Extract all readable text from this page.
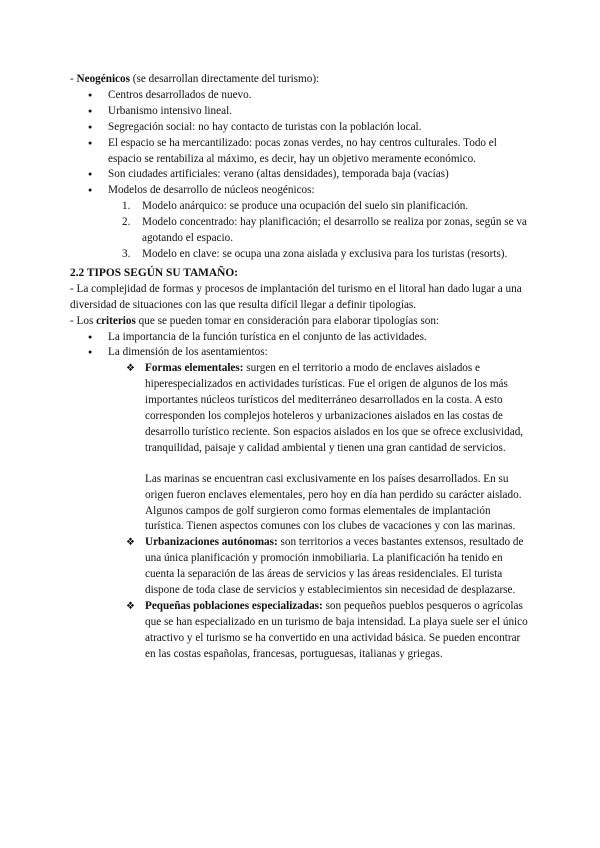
- Neogénicos (se desarrollan directamente del turismo):

● Centros desarrollados de nuevo.
● Urbanismo intensivo lineal.
● Segregación social: no hay contacto de turistas con la población local.
● El espacio se ha mercantilizado: pocas zonas verdes, no hay centros culturales. Todo el espacio se rentabiliza al máximo, es decir, hay un objetivo meramente económico.
● Son ciudades artificiales: verano (altas densidades), temporada baja (vacías)
● Modelos de desarrollo de núcleos neogénicos:
1. Modelo anárquico: se produce una ocupación del suelo sin planificación.
2. Modelo concentrado: hay planificación; el desarrollo se realiza por zonas, según se va agotando el espacio.
3. Modelo en clave: se ocupa una zona aislada y exclusiva para los turistas (resorts).
2.2 TIPOS SEGÚN SU TAMAÑO:

- La complejidad de formas y procesos de implantación del turismo en el litoral han dado lugar a una diversidad de situaciones con las que resulta difícil llegar a definir tipologías.

- Los criterios que se pueden tomar en consideración para elaborar tipologías son:

● La importancia de la función turística en el conjunto de las actividades.
● La dimensión de los asentamientos:
❖ Formas elementales: surgen en el territorio a modo de enclaves aislados e hiperespecializados en actividades turísticas. Fue el origen de algunos de los más importantes núcleos turísticos del mediterráneo desarrollados en la costa. A esto corresponden los complejos hoteleros y urbanizaciones aislados en las costas de desarrollo turístico reciente. Son espacios aislados en los que se ofrece exclusividad, tranquilidad, paisaje y calidad ambiental y tienen una gran cantidad de servicios.

Las marinas se encuentran casi exclusivamente en los países desarrollados. En su origen fueron enclaves elementales, pero hoy en día han perdido su carácter aislado. Algunos campos de golf surgieron como formas elementales de implantación turística. Tienen aspectos comunes con los clubes de vacaciones y con las marinas.

❖ Urbanizaciones autónomas: son territorios a veces bastantes extensos, resultado de una única planificación y promoción inmobiliaria. La planificación ha tenido en cuenta la separación de las áreas de servicios y las áreas residenciales. El turista dispone de toda clase de servicios y establecimientos sin necesidad de desplazarse.
❖ Pequeñas poblaciones especializadas: son pequeños pueblos pesqueros o agrícolas que se han especializado en un turismo de baja intensidad. La playa suele ser el único atractivo y el turismo se ha convertido en una actividad básica. Se pueden encontrar en las costas españolas, francesas, portuguesas, italianas y griegas.
